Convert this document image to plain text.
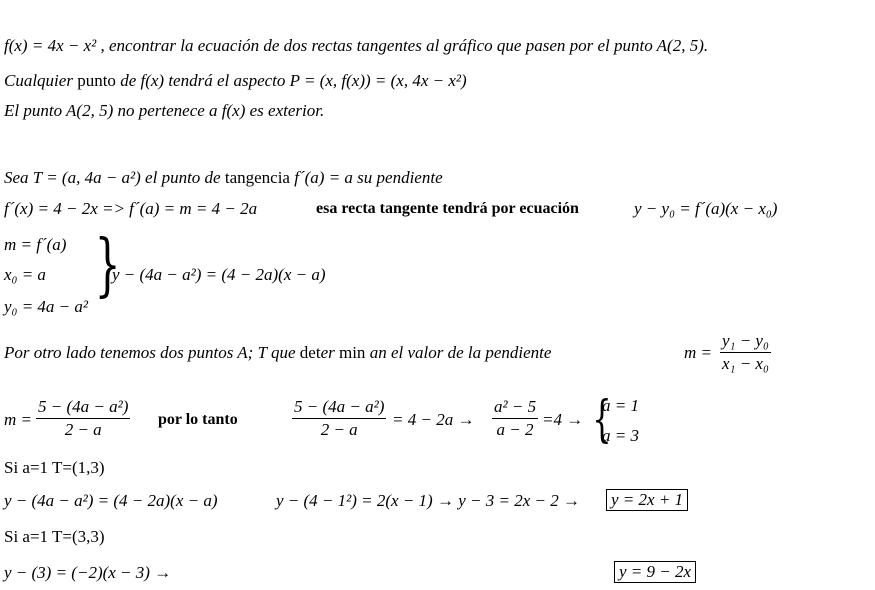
f(x) = 4x − x² , encontrar la ecuación de dos rectas tangentes al gráfico que pasen por el punto A(2, 5).
Cualquier punto de f(x) tendrá el aspecto P = (x, f(x)) = (x, 4x − x²)
El punto A(2, 5) no pertenece a f(x) es exterior.
Sea T = (a, 4a − a²) el punto de tangencia f´(a) = a su pendiente
f´(x) = 4 − 2x => f´(a) = m = 4 − 2a	esa recta tangente tendrá por ecuación	y − y₀ = f´(a)(x − x₀)
m = f´(a)
x₀ = a
y₀ = 4a − a²
}
y − (4a − a²) = (4 − 2a)(x − a)
Por otro lado tenemos dos puntos A; T que deter min an el valor de la pendiente	$m = \frac{\text{y₁ − y₀}}{\text{x₁ − x₀}}$
$m = \frac{\text{5 − (4a − a²)}}{2 - a}$ por lo tanto	$\frac{\text{5 − (4a − a²)}}{2 - a} = 4 - 2a \to \frac{\text{a² − 5}}{a - 2} =4$ → {
a = 1
a = 3
Si a=1 T=(1,3)
y − (4a − a²) = (4 − 2a)(x − a)	y − (4 − 1²) = 2(x − 1) → y − 3 = 2x − 2 → y = 2x + 1
Si a=1 T=(3,3)
y − (3) = (−2)(x − 3) →	y = 9 − 2x
